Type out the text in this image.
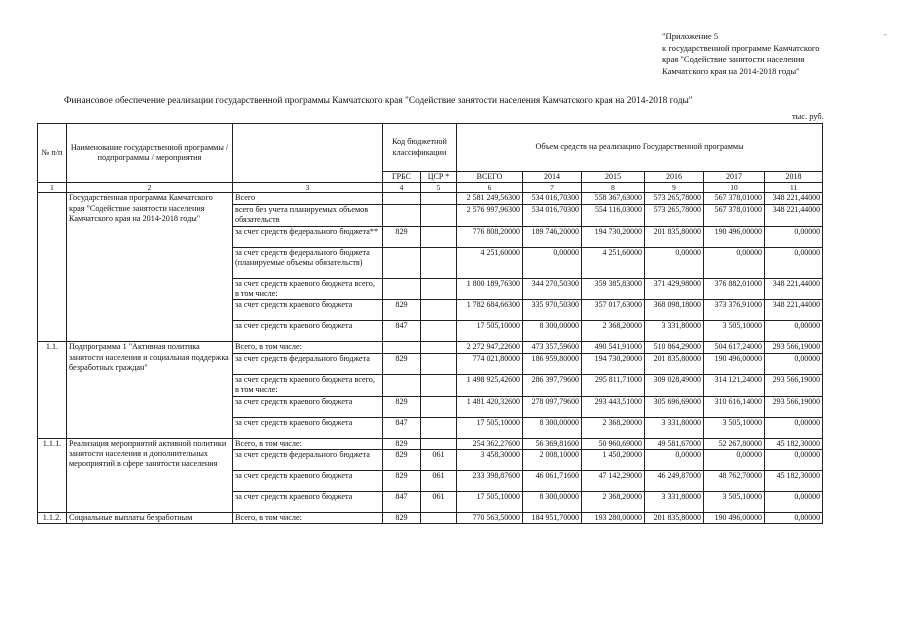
"Приложение 5
к государственной программе Камчатского
края "Содействие занятости населения
Камчатского края на 2014-2018 годы"
-
Финансовое обеспечение реализации государственной программы Камчатского края "Содействие занятости населения Камчатского края на 2014-2018 годы"
тыс. руб.
№ п/п	Наименование государственной программы / подпрограммы / мероприятия		Код бюджетной классификации		Объем средств на реализацию Государственной программы					
			ГРБС	ЦСР *	ВСЕГО	2014	2015	2016	2017	2018
1	2	3	4	5	6	7	8	9	10	11
	Государственная программа Камчатского края "Содействие занятости населения Камчатского края на 2014-2018 годы"	Всего			2 581 249,56300	534 016,70300	558 367,63000	573 265,78000	567 378,01000	348 221,44000
		всего без учета планируемых объемов обязательств			2 576 997,96300	534 016,70300	554 116,03000	573 265,78000	567 378,01000	348 221,44000
		за счет средств федерального бюджета**	829		776 808,20000	189 746,20000	194 730,20000	201 835,80000	190 496,00000	0,00000
		за счет средств федерального бюджета (планируемые объемы обязательств)			4 251,60000	0,00000	4 251,60000	0,00000	0,00000	0,00000
		за счет средств краевого бюджета всего, в том числе:			1 800 189,76300	344 270,50300	359 385,83000	371 429,98000	376 882,01000	348 221,44000
		за счет средств краевого бюджета	829		1 782 684,66300	335 970,50300	357 017,63000	368 098,18000	373 376,91000	348 221,44000
		за счет средств краевого бюджета	847		17 505,10000	8 300,00000	2 368,20000	3 331,80000	3 505,10000	0,00000
1.1.	Подпрограмма 1 "Активная политика занятости населения и социальная поддержка безработных граждан"	Всего, в том числе:			2 272 947,22600	473 357,59600	490 541,91000	510 864,29000	504 617,24000	293 566,19000
		за счет средств федерального бюджета	829		774 021,80000	186 959,80000	194 730,20000	201 835,80000	190 496,00000	0,00000
		за счет средств краевого бюджета всего, в том числе:			1 498 925,42600	286 397,79600	295 811,71000	309 028,49000	314 121,24000	293 566,19000
		за счет средств краевого бюджета	829		1 481 420,32600	278 097,79600	293 443,51000	305 696,69000	310 616,14000	293 566,19000
		за счет средств краевого бюджета	847		17 505,10000	8 300,00000	2 368,20000	3 331,80000	3 505,10000	0,00000
1.1.1.	Реализация мероприятий активной политики занятости населения и дополнительных мероприятий в сфере занятости населения	Всего, в том числе:	829		254 362,27600	56 369,81600	50 960,69000	49 581,67000	52 267,80000	45 182,30000
		за счет средств федерального бюджета	829	061	3 458,30000	2 008,10000	1 450,20000	0,00000	0,00000	0,00000
		за счет средств краевого бюджета	829	061	233 398,87600	46 061,71600	47 142,29000	46 249,87000	48 762,70000	45 182,30000
		за счет средств краевого бюджета	847	061	17 505,10000	8 300,00000	2 368,20000	3 331,80000	3 505,10000	0,00000
1.1.2.	Социальные выплаты безработным	Всего, в том числе:	829		770 563,50000	184 951,70000	193 280,00000	201 835,80000	190 496,00000	0,00000
